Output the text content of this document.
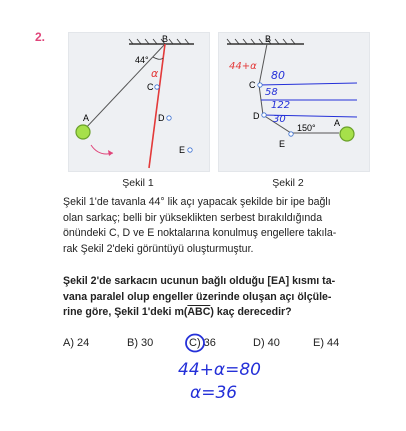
2.
44°
B
C
α
D
E
A
B
C
D
E
150° A
44+α
80
58
122
30
Şekil 1	Şekil 2
Şekil 1'de tavanla 44° lik açı yapacak şekilde bir ipe bağlı
olan sarkaç; belli bir yükseklikten serbest bırakıldığında
önündeki C, D ve E noktalarına konulmuş engellere takıla-
rak Şekil 2'deki görüntüyü oluşturmuştur.
Şekil 2'de sarkacın ucunun bağlı olduğu [EA] kısmı ta-
vana paralel olup engeller üzerinde oluşan açı ölçüle-
rine göre, Şekil 1'deki $m(\overline{ABC})$ kaç derecedir?
A) 24	B) 30	C) 36	D) 40	E) 44
44+α=80
α=36
